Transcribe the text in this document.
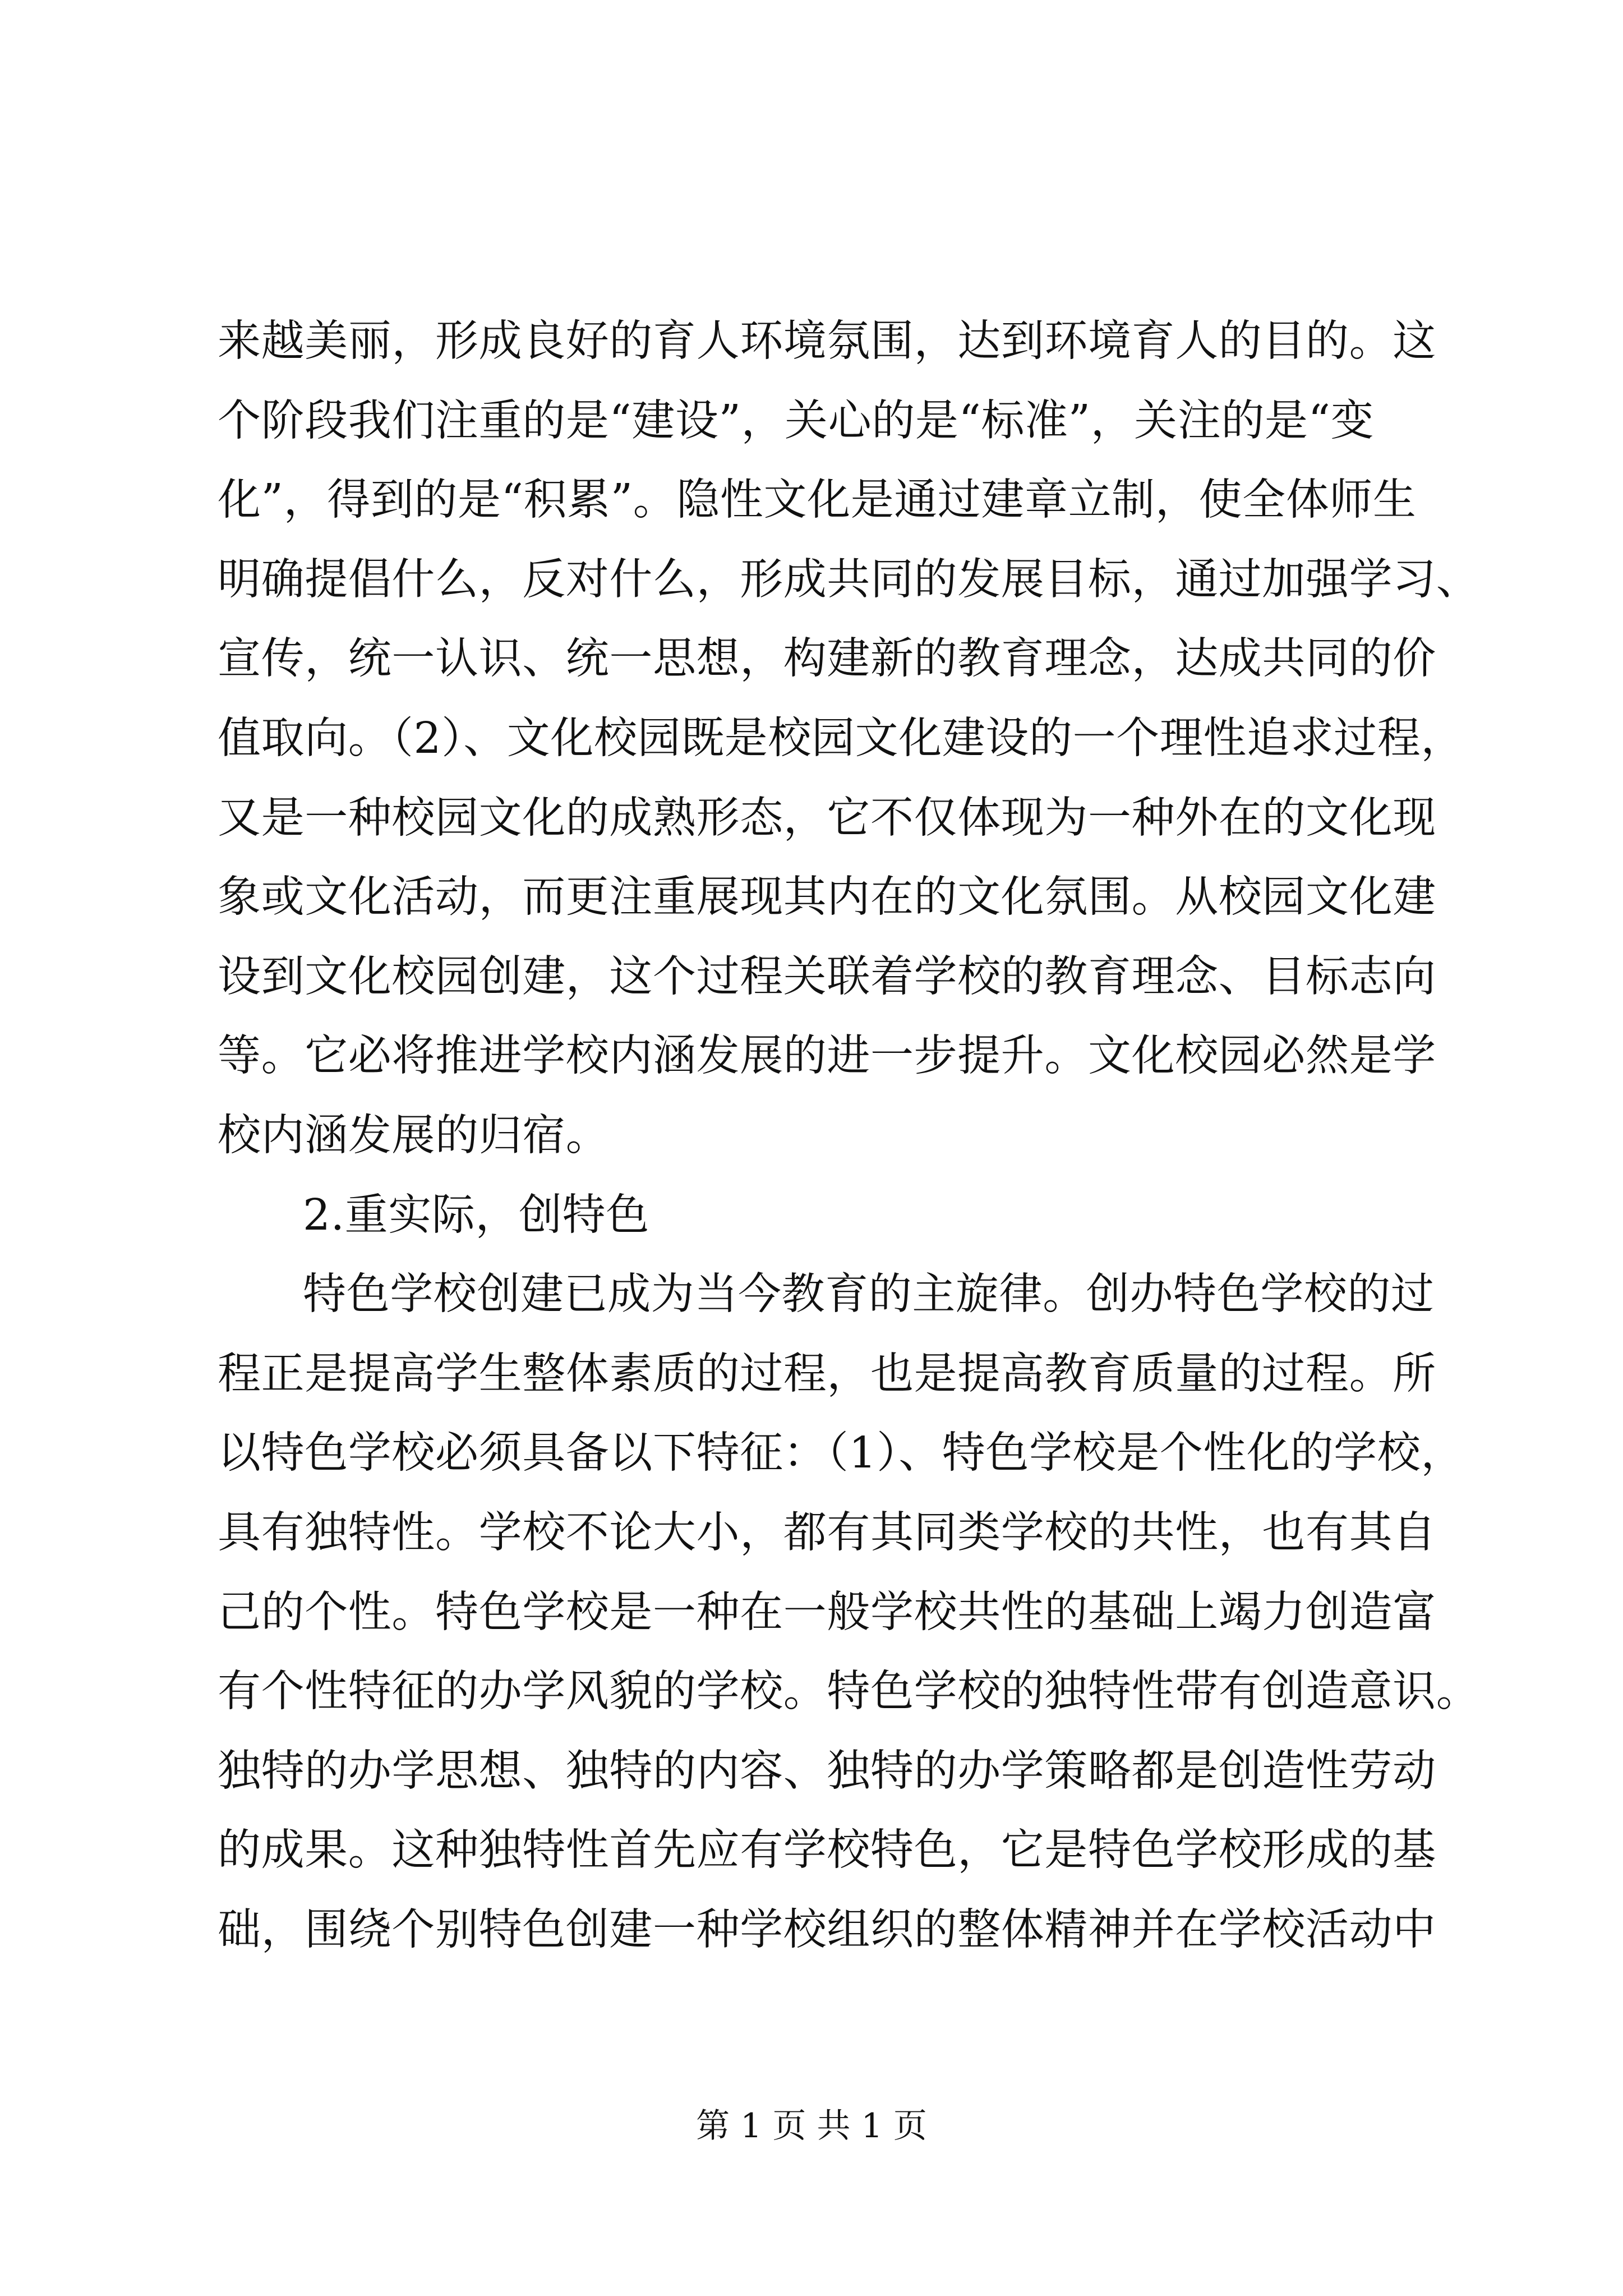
来越美丽，形成良好的育人环境氛围，达到环境育人的目的。这
个阶段我们注重的是“建设”，关心的是“标准”，关注的是“变
化”，得到的是“积累”。隐性文化是通过建章立制，使全体师生
明确提倡什么，反对什么，形成共同的发展目标，通过加强学习、
宣传，统一认识、统一思想，构建新的教育理念，达成共同的价
值取向。（2）、文化校园既是校园文化建设的一个理性追求过程，
又是一种校园文化的成熟形态，它不仅体现为一种外在的文化现
象或文化活动，而更注重展现其内在的文化氛围。从校园文化建
设到文化校园创建，这个过程关联着学校的教育理念、目标志向
等。它必将推进学校内涵发展的进一步提升。文化校园必然是学
校内涵发展的归宿。
2.重实际，创特色
特色学校创建已成为当今教育的主旋律。创办特色学校的过
程正是提高学生整体素质的过程，也是提高教育质量的过程。所
以特色学校必须具备以下特征：（1）、特色学校是个性化的学校，
具有独特性。学校不论大小，都有其同类学校的共性，也有其自
己的个性。特色学校是一种在一般学校共性的基础上竭力创造富
有个性特征的办学风貌的学校。特色学校的独特性带有创造意识。
独特的办学思想、独特的内容、独特的办学策略都是创造性劳动
的成果。这种独特性首先应有学校特色，它是特色学校形成的基
础，围绕个别特色创建一种学校组织的整体精神并在学校活动中
第 1 页 共 1 页
